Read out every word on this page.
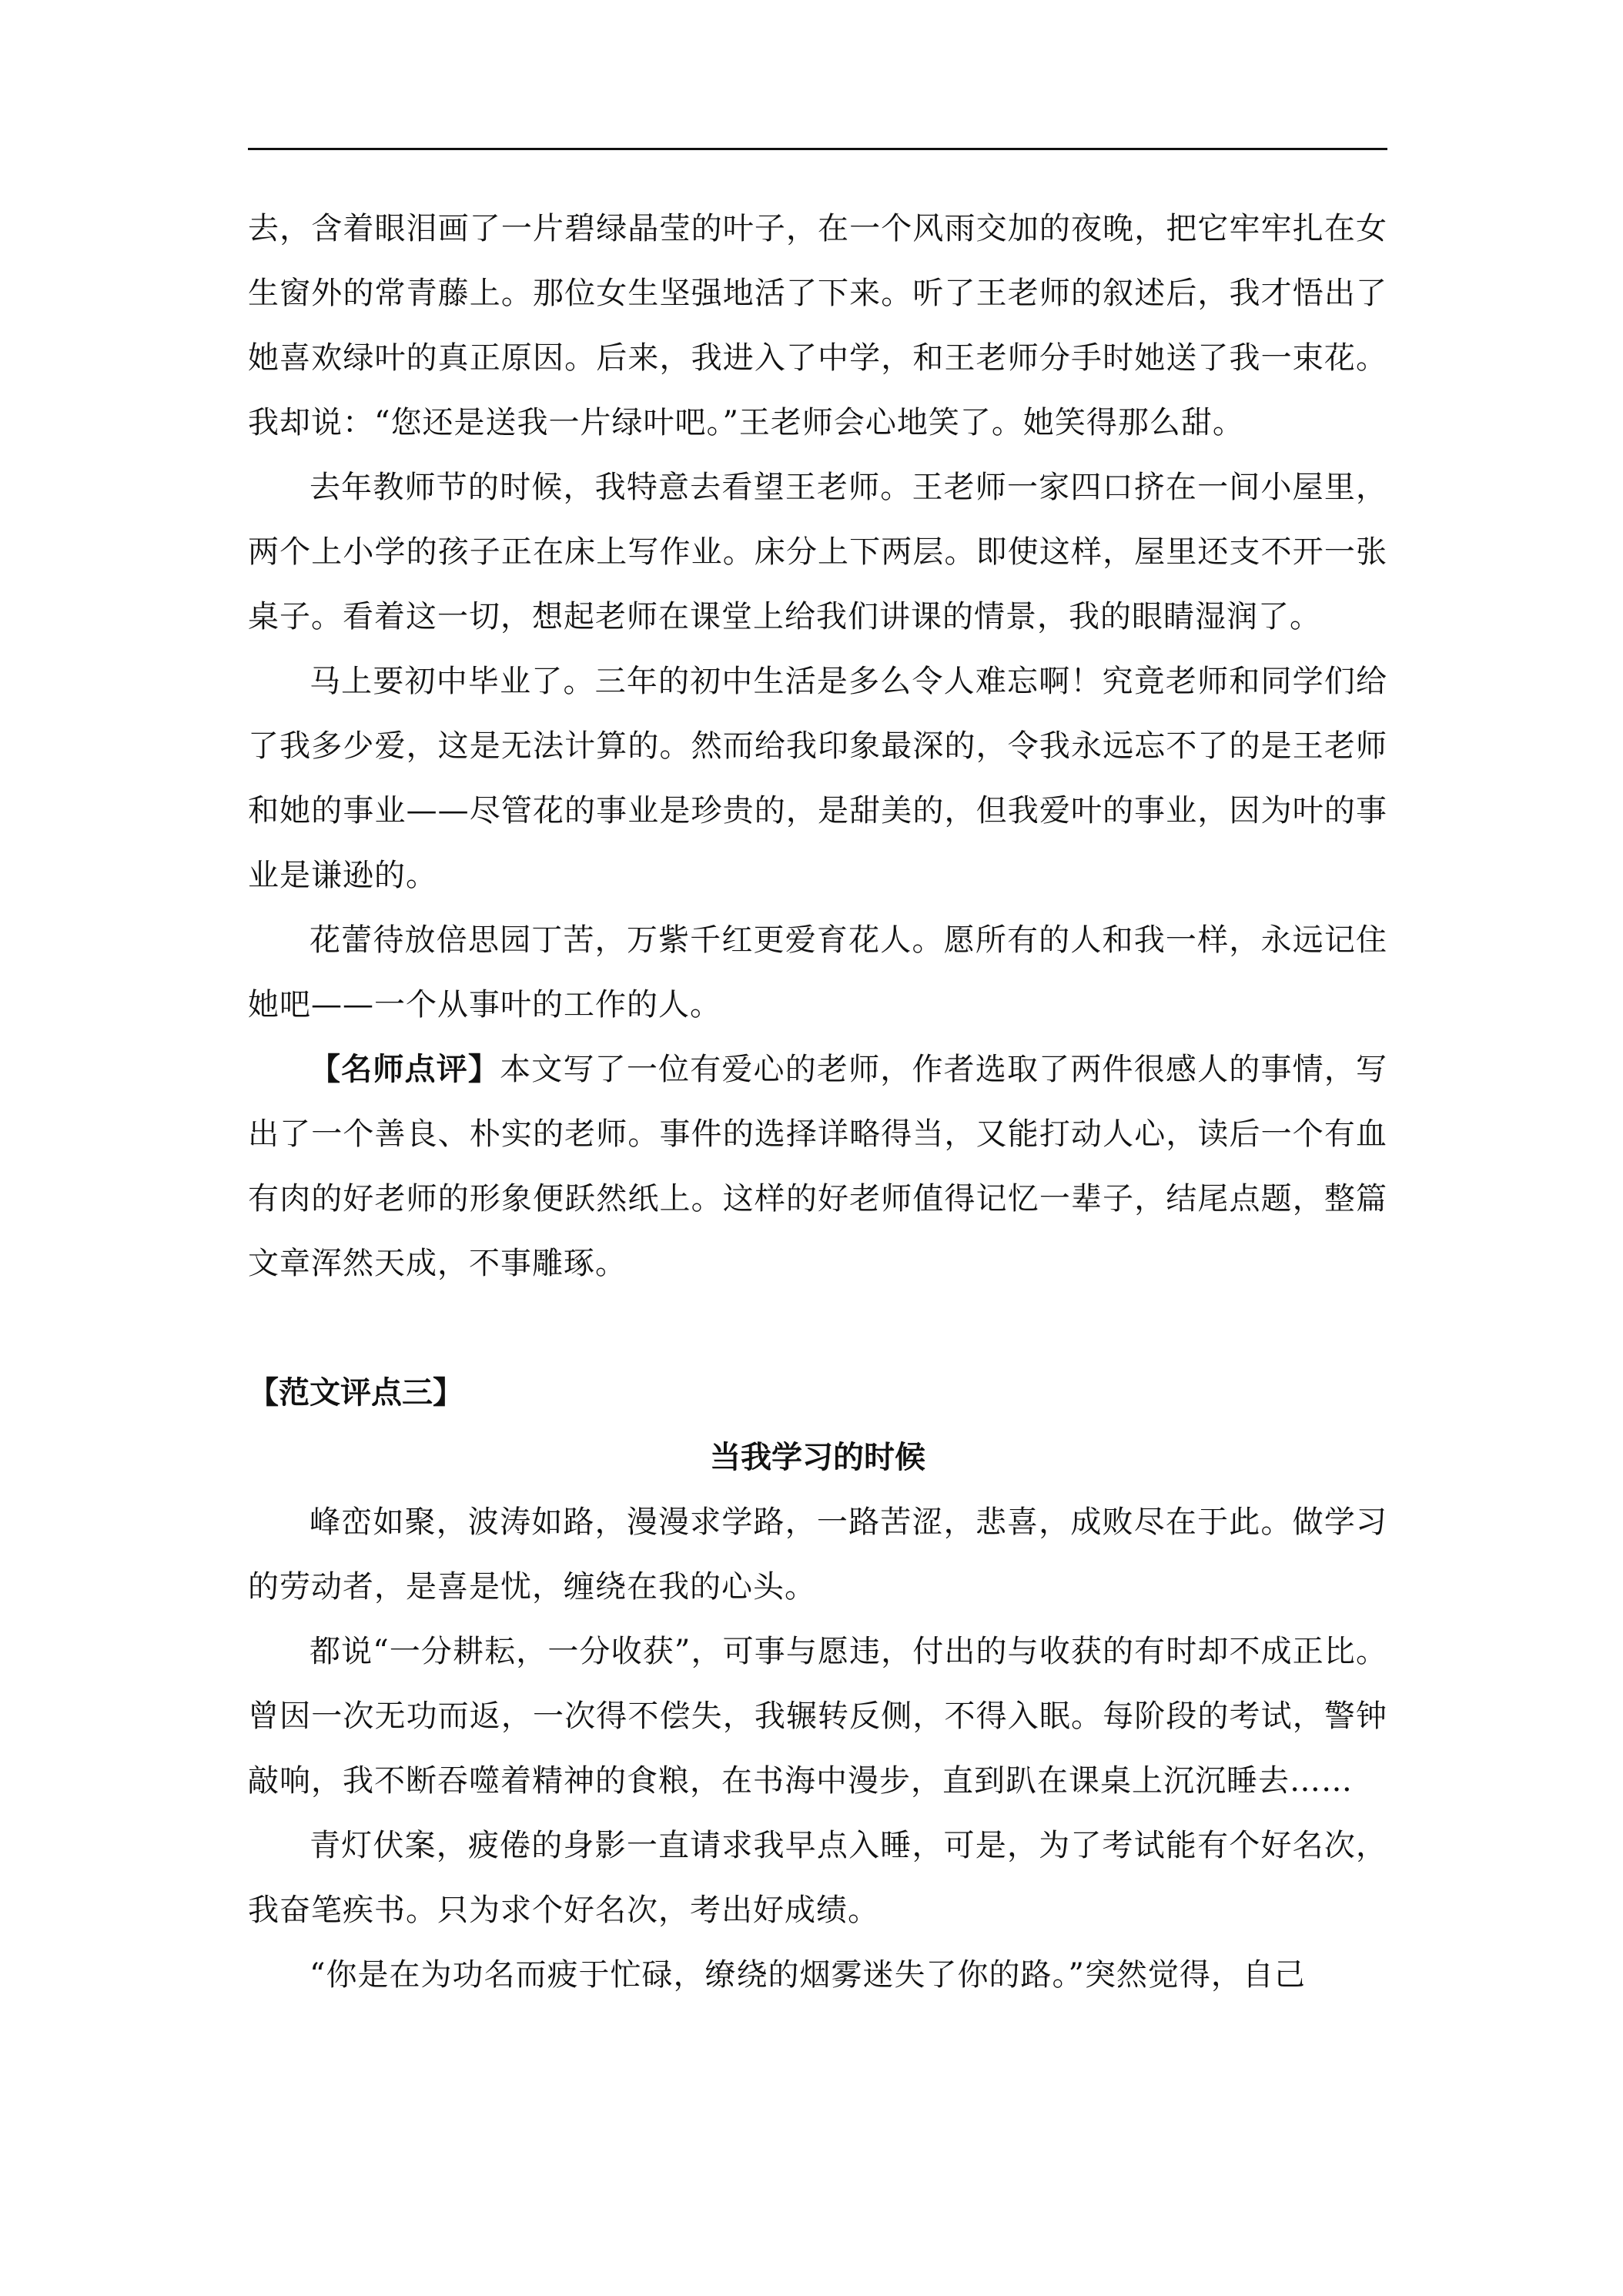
去，含着眼泪画了一片碧绿晶莹的叶子，在一个风雨交加的夜晚，把它牢牢扎在女生窗外的常青藤上。那位女生坚强地活了下来。听了王老师的叙述后，我才悟出了她喜欢绿叶的真正原因。后来，我进入了中学，和王老师分手时她送了我一束花。我却说：“您还是送我一片绿叶吧。”王老师会心地笑了。她笑得那么甜。

去年教师节的时候，我特意去看望王老师。王老师一家四口挤在一间小屋里，两个上小学的孩子正在床上写作业。床分上下两层。即使这样，屋里还支不开一张桌子。看着这一切，想起老师在课堂上给我们讲课的情景，我的眼睛湿润了。

马上要初中毕业了。三年的初中生活是多么令人难忘啊！究竟老师和同学们给了我多少爱，这是无法计算的。然而给我印象最深的，令我永远忘不了的是王老师和她的事业——尽管花的事业是珍贵的，是甜美的，但我爱叶的事业，因为叶的事业是谦逊的。

花蕾待放倍思园丁苦，万紫千红更爱育花人。愿所有的人和我一样，永远记住她吧——一个从事叶的工作的人。

【名师点评】本文写了一位有爱心的老师，作者选取了两件很感人的事情，写出了一个善良、朴实的老师。事件的选择详略得当，又能打动人心，读后一个有血有肉的好老师的形象便跃然纸上。这样的好老师值得记忆一辈子，结尾点题，整篇文章浑然天成，不事雕琢。

【范文评点三】

当我学习的时候

峰峦如聚，波涛如路，漫漫求学路，一路苦涩，悲喜，成败尽在于此。做学习的劳动者，是喜是忧，缠绕在我的心头。

都说“一分耕耘，一分收获”，可事与愿违，付出的与收获的有时却不成正比。曾因一次无功而返，一次得不偿失，我辗转反侧，不得入眠。每阶段的考试，警钟敲响，我不断吞噬着精神的食粮，在书海中漫步，直到趴在课桌上沉沉睡去……

青灯伏案，疲倦的身影一直请求我早点入睡，可是，为了考试能有个好名次，我奋笔疾书。只为求个好名次，考出好成绩。

“你是在为功名而疲于忙碌，缭绕的烟雾迷失了你的路。”突然觉得，自己
